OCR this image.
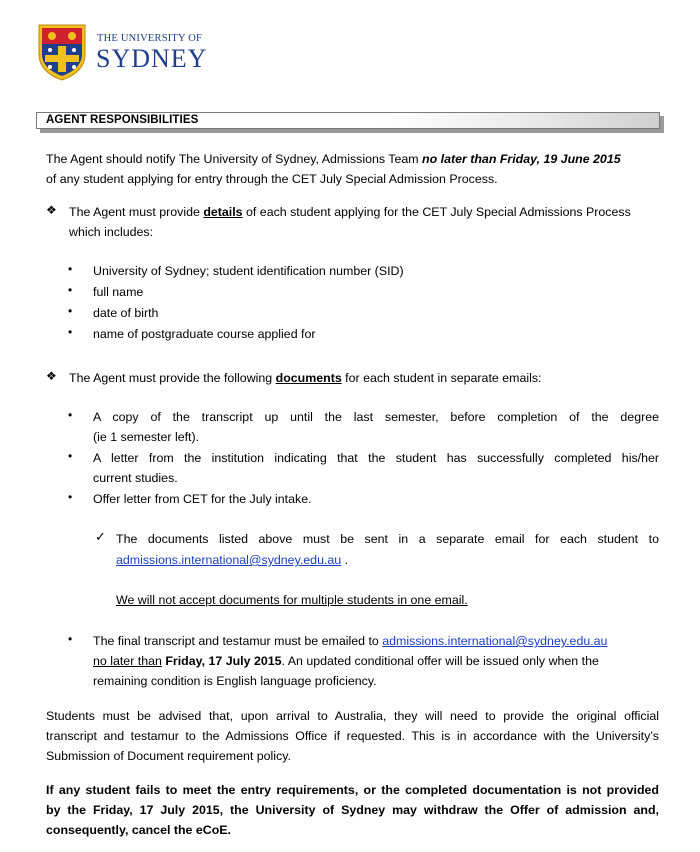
THE UNIVERSITY OF
SYDNEY
AGENT RESPONSIBILITIES
The Agent should notify The University of Sydney, Admissions Team no later than Friday, 19 June 2015
of any student applying for entry through the CET July Special Admission Process.
❖ The Agent must provide details of each student applying for the CET July Special Admissions Process
which includes:
• University of Sydney; student identification number (SID)
• full name
• date of birth
• name of postgraduate course applied for
❖ The Agent must provide the following documents for each student in separate emails:
• A copy of the transcript up until the last semester, before completion of the degree
(ie 1 semester left).
• A letter from the institution indicating that the student has successfully completed his/her
current studies.
• Offer letter from CET for the July intake.
✓ The documents listed above must be sent in a separate email for each student to
admissions.international@sydney.edu.au .
We will not accept documents for multiple students in one email.
• The final transcript and testamur must be emailed to admissions.international@sydney.edu.au
no later than Friday, 17 July 2015. An updated conditional offer will be issued only when the
remaining condition is English language proficiency.
Students must be advised that, upon arrival to Australia, they will need to provide the original official
transcript and testamur to the Admissions Office if requested. This is in accordance with the University’s
Submission of Document requirement policy.
If any student fails to meet the entry requirements, or the completed documentation is not provided
by the Friday, 17 July 2015, the University of Sydney may withdraw the Offer of admission and,
consequently, cancel the eCoE.
